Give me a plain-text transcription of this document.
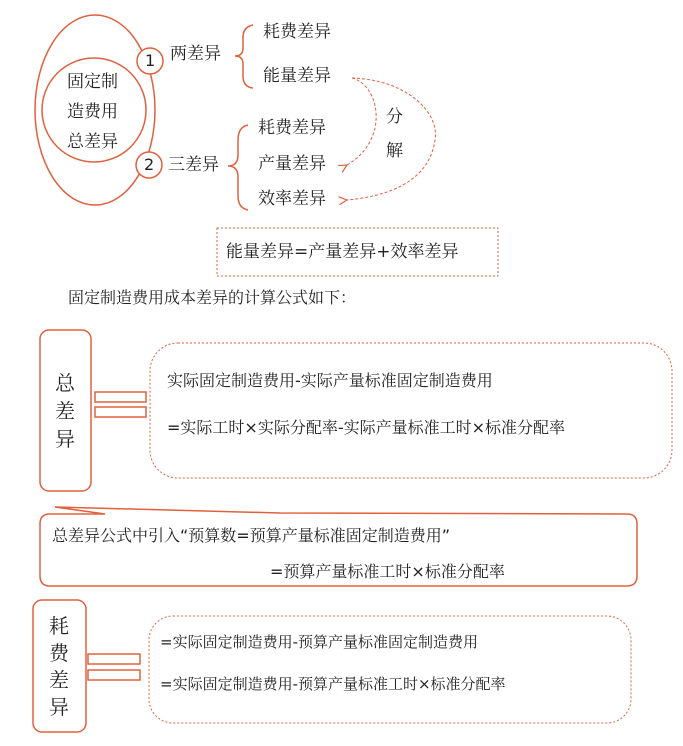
固定制
造费用
总差异
1
2
两差异
耗费差异
能量差异
三差异
耗费差异
产量差异
效率差异
分
解
能量差异=产量差异+效率差异
固定制造费用成本差异的计算公式如下：
总
差
异
实际固定制造费用-实际产量标准固定制造费用
=实际工时×实际分配率-实际产量标准工时×标准分配率
总差异公式中引入“预算数=预算产量标准固定制造费用”
=预算产量标准工时×标准分配率
耗
费
差
异
=实际固定制造费用-预算产量标准固定制造费用
=实际固定制造费用-预算产量标准工时×标准分配率
